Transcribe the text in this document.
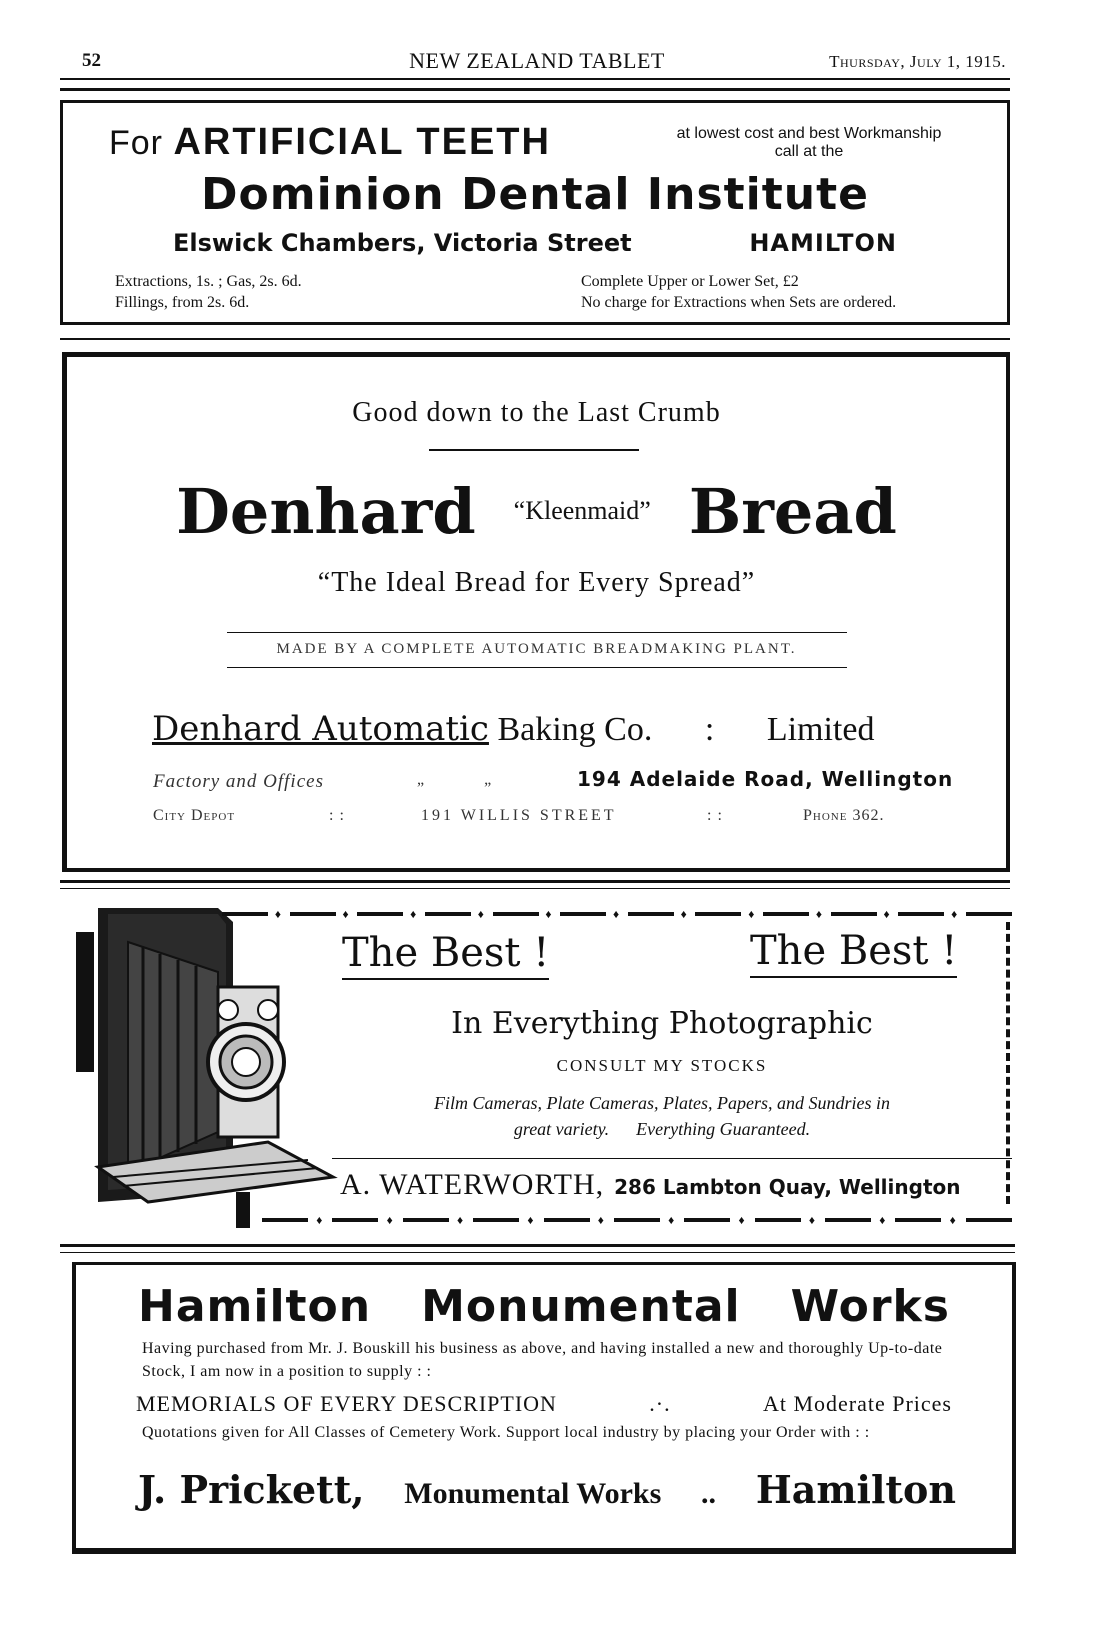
52	NEW ZEALAND TABLET	Thursday, July 1, 1915.
For ARTIFICIAL TEETH	at lowest cost and best Workmanship
call at the
Dominion Dental Institute
Elswick Chambers, Victoria Street	HAMILTON
Extractions, 1s. ; Gas, 2s. 6d.
Fillings, from 2s. 6d.
Complete Upper or Lower Set, £2
No charge for Extractions when Sets are ordered.
Good down to the Last Crumb
Denhard “Kleenmaid” Bread
“The Ideal Bread for Every Spread”
MADE BY A COMPLETE AUTOMATIC BREADMAKING PLANT.
Denhard Automatic Baking Co. : Limited
Factory and Offices	„ „	194 Adelaide Road, Wellington
City Depot	: :	191 WILLIS STREET	: :	Phone 362.
♦	♦	♦	♦	♦	♦	♦	♦	♦	♦	♦
The Best !	The Best !
In Everything Photographic
CONSULT MY STOCKS
Film Cameras, Plate Cameras, Plates, Papers, and Sundries in
great variety.      Everything Guaranteed.
A. WATERWORTH, 286 Lambton Quay, Wellington
♦	♦	♦	♦	♦	♦	♦	♦	♦	♦
Hamilton Monumental Works
Having purchased from Mr. J. Bouskill his business as above, and having installed a new and thoroughly Up-to-date Stock, I am now in a position to supply : :
MEMORIALS OF EVERY DESCRIPTION	.·.	At Moderate Prices
Quotations given for All Classes of Cemetery Work. Support local industry by placing your Order with : :
J. Prickett, Monumental Works .. Hamilton
